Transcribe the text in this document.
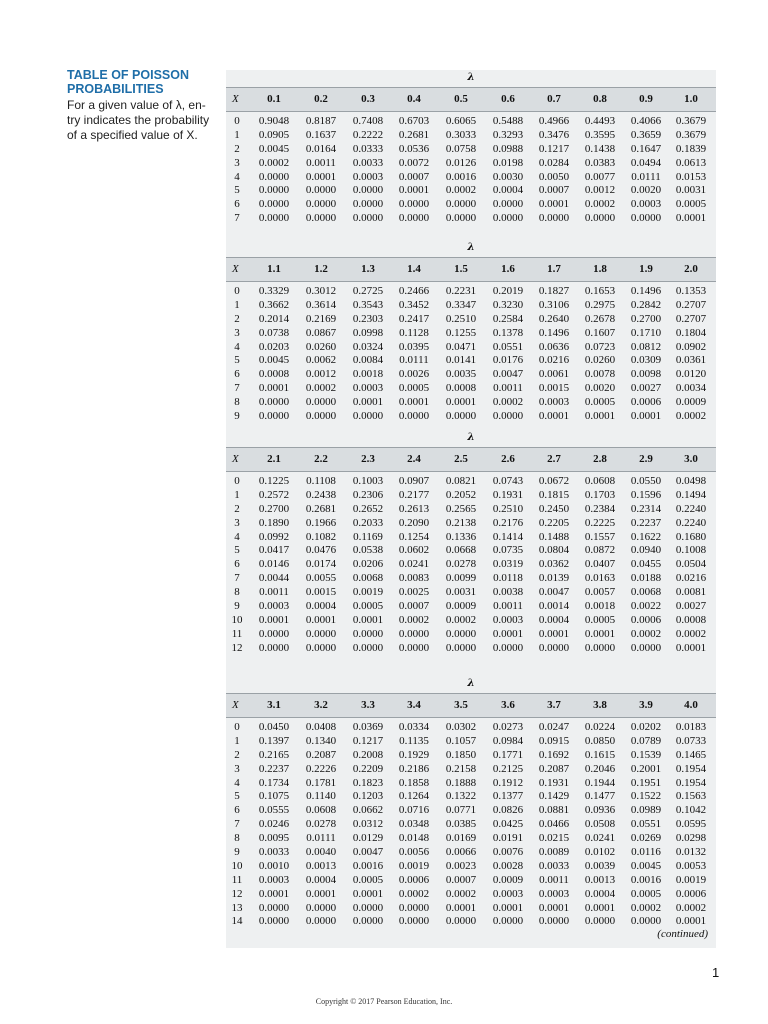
TABLE OF POISSON
PROBABILITIES
For a given value of λ, en-
try indicates the probability
of a specified value of X.
(continued)
λ
X	0.1	0.2	0.3	0.4	0.5	0.6	0.7	0.8	0.9	1.0
0	0.9048	0.8187	0.7408	0.6703	0.6065	0.5488	0.4966	0.4493	0.4066	0.3679
1	0.0905	0.1637	0.2222	0.2681	0.3033	0.3293	0.3476	0.3595	0.3659	0.3679
2	0.0045	0.0164	0.0333	0.0536	0.0758	0.0988	0.1217	0.1438	0.1647	0.1839
3	0.0002	0.0011	0.0033	0.0072	0.0126	0.0198	0.0284	0.0383	0.0494	0.0613
4	0.0000	0.0001	0.0003	0.0007	0.0016	0.0030	0.0050	0.0077	0.0111	0.0153
5	0.0000	0.0000	0.0000	0.0001	0.0002	0.0004	0.0007	0.0012	0.0020	0.0031
6	0.0000	0.0000	0.0000	0.0000	0.0000	0.0000	0.0001	0.0002	0.0003	0.0005
7	0.0000	0.0000	0.0000	0.0000	0.0000	0.0000	0.0000	0.0000	0.0000	0.0001
λ
X	1.1	1.2	1.3	1.4	1.5	1.6	1.7	1.8	1.9	2.0
0	0.3329	0.3012	0.2725	0.2466	0.2231	0.2019	0.1827	0.1653	0.1496	0.1353
1	0.3662	0.3614	0.3543	0.3452	0.3347	0.3230	0.3106	0.2975	0.2842	0.2707
2	0.2014	0.2169	0.2303	0.2417	0.2510	0.2584	0.2640	0.2678	0.2700	0.2707
3	0.0738	0.0867	0.0998	0.1128	0.1255	0.1378	0.1496	0.1607	0.1710	0.1804
4	0.0203	0.0260	0.0324	0.0395	0.0471	0.0551	0.0636	0.0723	0.0812	0.0902
5	0.0045	0.0062	0.0084	0.0111	0.0141	0.0176	0.0216	0.0260	0.0309	0.0361
6	0.0008	0.0012	0.0018	0.0026	0.0035	0.0047	0.0061	0.0078	0.0098	0.0120
7	0.0001	0.0002	0.0003	0.0005	0.0008	0.0011	0.0015	0.0020	0.0027	0.0034
8	0.0000	0.0000	0.0001	0.0001	0.0001	0.0002	0.0003	0.0005	0.0006	0.0009
9	0.0000	0.0000	0.0000	0.0000	0.0000	0.0000	0.0001	0.0001	0.0001	0.0002
λ
X	2.1	2.2	2.3	2.4	2.5	2.6	2.7	2.8	2.9	3.0
0	0.1225	0.1108	0.1003	0.0907	0.0821	0.0743	0.0672	0.0608	0.0550	0.0498
1	0.2572	0.2438	0.2306	0.2177	0.2052	0.1931	0.1815	0.1703	0.1596	0.1494
2	0.2700	0.2681	0.2652	0.2613	0.2565	0.2510	0.2450	0.2384	0.2314	0.2240
3	0.1890	0.1966	0.2033	0.2090	0.2138	0.2176	0.2205	0.2225	0.2237	0.2240
4	0.0992	0.1082	0.1169	0.1254	0.1336	0.1414	0.1488	0.1557	0.1622	0.1680
5	0.0417	0.0476	0.0538	0.0602	0.0668	0.0735	0.0804	0.0872	0.0940	0.1008
6	0.0146	0.0174	0.0206	0.0241	0.0278	0.0319	0.0362	0.0407	0.0455	0.0504
7	0.0044	0.0055	0.0068	0.0083	0.0099	0.0118	0.0139	0.0163	0.0188	0.0216
8	0.0011	0.0015	0.0019	0.0025	0.0031	0.0038	0.0047	0.0057	0.0068	0.0081
9	0.0003	0.0004	0.0005	0.0007	0.0009	0.0011	0.0014	0.0018	0.0022	0.0027
10	0.0001	0.0001	0.0001	0.0002	0.0002	0.0003	0.0004	0.0005	0.0006	0.0008
11	0.0000	0.0000	0.0000	0.0000	0.0000	0.0001	0.0001	0.0001	0.0002	0.0002
12	0.0000	0.0000	0.0000	0.0000	0.0000	0.0000	0.0000	0.0000	0.0000	0.0001
λ
X	3.1	3.2	3.3	3.4	3.5	3.6	3.7	3.8	3.9	4.0
0	0.0450	0.0408	0.0369	0.0334	0.0302	0.0273	0.0247	0.0224	0.0202	0.0183
1	0.1397	0.1340	0.1217	0.1135	0.1057	0.0984	0.0915	0.0850	0.0789	0.0733
2	0.2165	0.2087	0.2008	0.1929	0.1850	0.1771	0.1692	0.1615	0.1539	0.1465
3	0.2237	0.2226	0.2209	0.2186	0.2158	0.2125	0.2087	0.2046	0.2001	0.1954
4	0.1734	0.1781	0.1823	0.1858	0.1888	0.1912	0.1931	0.1944	0.1951	0.1954
5	0.1075	0.1140	0.1203	0.1264	0.1322	0.1377	0.1429	0.1477	0.1522	0.1563
6	0.0555	0.0608	0.0662	0.0716	0.0771	0.0826	0.0881	0.0936	0.0989	0.1042
7	0.0246	0.0278	0.0312	0.0348	0.0385	0.0425	0.0466	0.0508	0.0551	0.0595
8	0.0095	0.0111	0.0129	0.0148	0.0169	0.0191	0.0215	0.0241	0.0269	0.0298
9	0.0033	0.0040	0.0047	0.0056	0.0066	0.0076	0.0089	0.0102	0.0116	0.0132
10	0.0010	0.0013	0.0016	0.0019	0.0023	0.0028	0.0033	0.0039	0.0045	0.0053
11	0.0003	0.0004	0.0005	0.0006	0.0007	0.0009	0.0011	0.0013	0.0016	0.0019
12	0.0001	0.0001	0.0001	0.0002	0.0002	0.0003	0.0003	0.0004	0.0005	0.0006
13	0.0000	0.0000	0.0000	0.0000	0.0001	0.0001	0.0001	0.0001	0.0002	0.0002
14	0.0000	0.0000	0.0000	0.0000	0.0000	0.0000	0.0000	0.0000	0.0000	0.0001
1
Copyright © 2017 Pearson Education, Inc.
